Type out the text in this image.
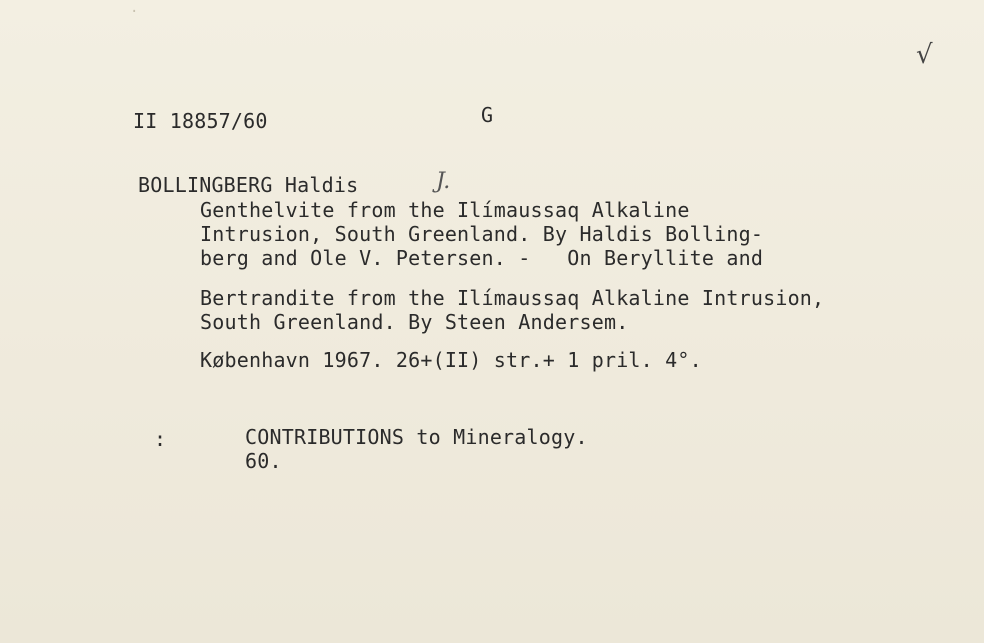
·
√
II 18857/60	G
BOLLINGBERG Haldis	J.
Genthelvite from the Ilímaussaq Alkaline
Intrusion, South Greenland. By Haldis Bolling-
berg and Ole V. Petersen. -   On Beryllite and
Bertrandite from the Ilímaussaq Alkaline Intrusion,
South Greenland. By Steen Andersem.
København 1967. 26+(II) str.+ 1 pril. 4°.
:	CONTRIBUTIONS to Mineralogy.
60.
